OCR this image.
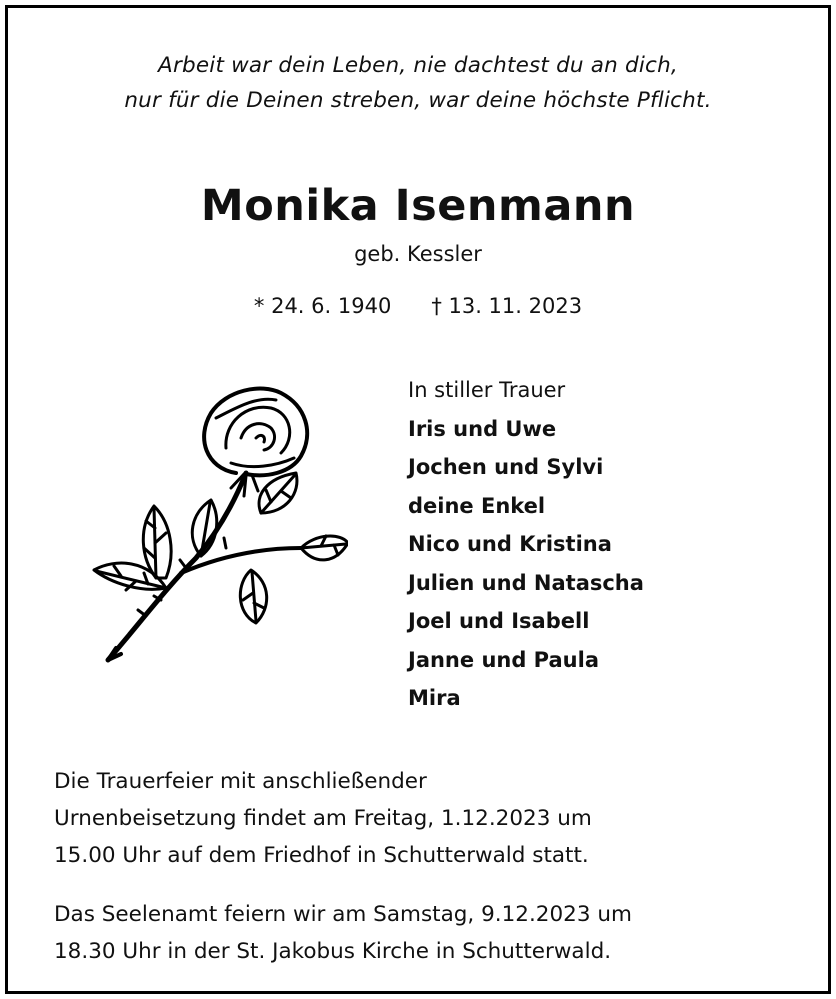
Arbeit war dein Leben, nie dachtest du an dich,
nur für die Deinen streben, war deine höchste Pflicht.
Monika Isenmann
geb. Kessler
* 24. 6. 1940 † 13. 11. 2023
In stiller Trauer
Iris und Uwe
Jochen und Sylvi
deine Enkel
Nico und Kristina
Julien und Natascha
Joel und Isabell
Janne und Paula
Mira
Die Trauerfeier mit anschließender
Urnenbeisetzung findet am Freitag, 1.12.2023 um
15.00 Uhr auf dem Friedhof in Schutterwald statt.
Das Seelenamt feiern wir am Samstag, 9.12.2023 um
18.30 Uhr in der St. Jakobus Kirche in Schutterwald.
